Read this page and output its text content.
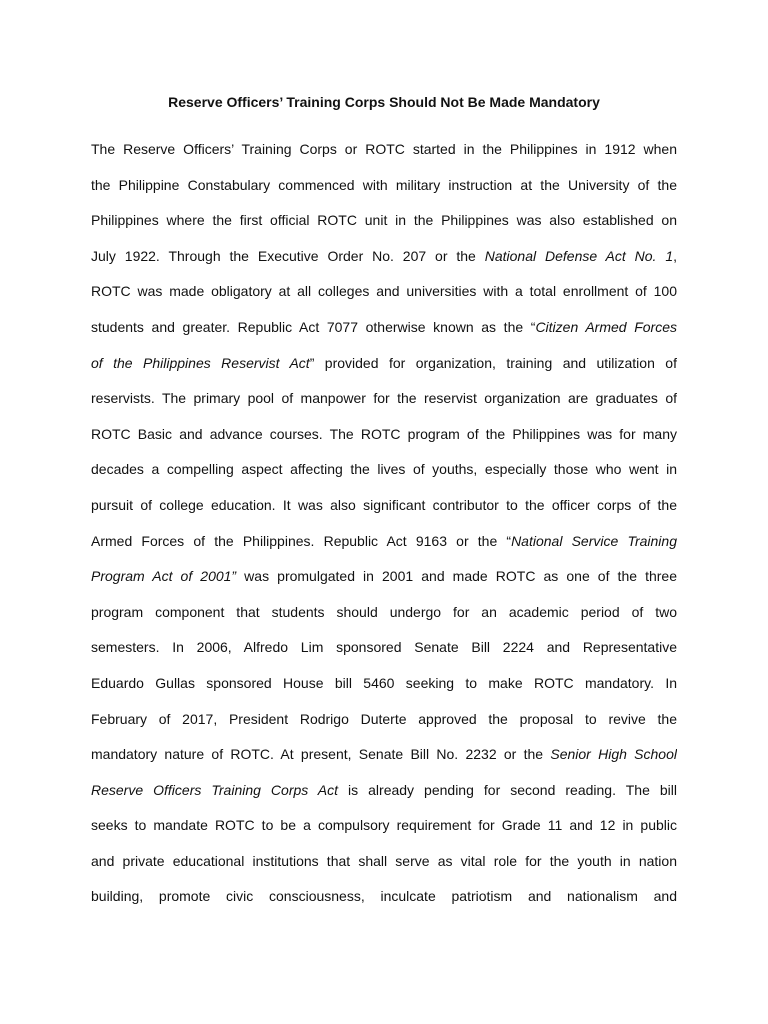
Reserve Officers’ Training Corps Should Not Be Made Mandatory
The Reserve Officers’ Training Corps or ROTC started in the Philippines in 1912 when
the Philippine Constabulary commenced with military instruction at the University of the
Philippines where the first official ROTC unit in the Philippines was also established on
July 1922. Through the Executive Order No. 207 or the National Defense Act No. 1,
ROTC was made obligatory at all colleges and universities with a total enrollment of 100
students and greater. Republic Act 7077 otherwise known as the “Citizen Armed Forces
of the Philippines Reservist Act” provided for organization, training and utilization of
reservists. The primary pool of manpower for the reservist organization are graduates of
ROTC Basic and advance courses. The ROTC program of the Philippines was for many
decades a compelling aspect affecting the lives of youths, especially those who went in
pursuit of college education. It was also significant contributor to the officer corps of the
Armed Forces of the Philippines. Republic Act 9163 or the “National Service Training
Program Act of 2001” was promulgated in 2001 and made ROTC as one of the three
program component that students should undergo for an academic period of two
semesters. In 2006, Alfredo Lim sponsored Senate Bill 2224 and Representative
Eduardo Gullas sponsored House bill 5460 seeking to make ROTC mandatory. In
February of 2017, President Rodrigo Duterte approved the proposal to revive the
mandatory nature of ROTC. At present, Senate Bill No. 2232 or the Senior High School
Reserve Officers Training Corps Act is already pending for second reading. The bill
seeks to mandate ROTC to be a compulsory requirement for Grade 11 and 12 in public
and private educational institutions that shall serve as vital role for the youth in nation
building, promote civic consciousness, inculcate patriotism and nationalism and
